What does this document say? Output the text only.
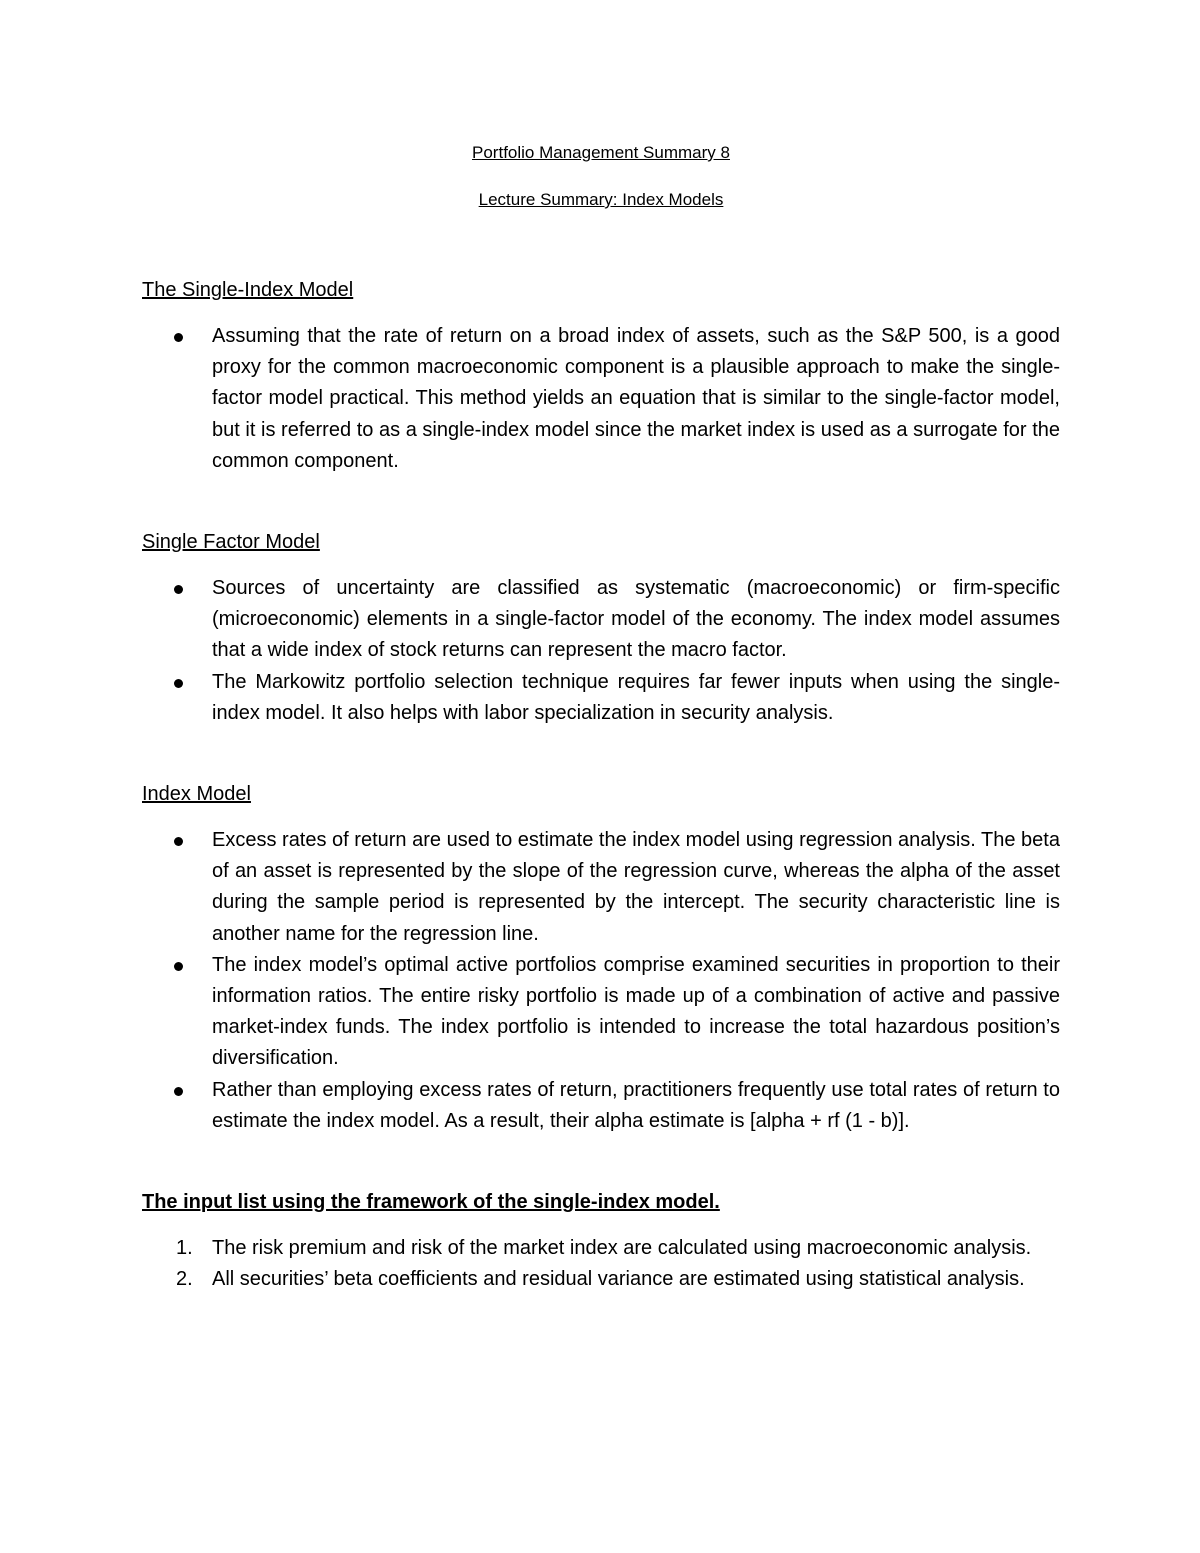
Portfolio Management Summary 8

Lecture Summary: Index Models

The Single-Index Model
Assuming that the rate of return on a broad index of assets, such as the S&P 500, is a good proxy for the common macroeconomic component is a plausible approach to make the single-factor model practical. This method yields an equation that is similar to the single-factor model, but it is referred to as a single-index model since the market index is used as a surrogate for the common component.
Single Factor Model
Sources of uncertainty are classified as systematic (macroeconomic) or firm-specific (microeconomic) elements in a single-factor model of the economy. The index model assumes that a wide index of stock returns can represent the macro factor.
The Markowitz portfolio selection technique requires far fewer inputs when using the single-index model. It also helps with labor specialization in security analysis.
Index Model
Excess rates of return are used to estimate the index model using regression analysis. The beta of an asset is represented by the slope of the regression curve, whereas the alpha of the asset during the sample period is represented by the intercept. The security characteristic line is another name for the regression line.
The index model’s optimal active portfolios comprise examined securities in proportion to their information ratios. The entire risky portfolio is made up of a combination of active and passive market-index funds. The index portfolio is intended to increase the total hazardous position’s diversification.
Rather than employing excess rates of return, practitioners frequently use total rates of return to estimate the index model. As a result, their alpha estimate is [alpha + rf (1 - b)].
The input list using the framework of the single-index model.
1. The risk premium and risk of the market index are calculated using macroeconomic analysis.
2. All securities’ beta coefficients and residual variance are estimated using statistical analysis.
